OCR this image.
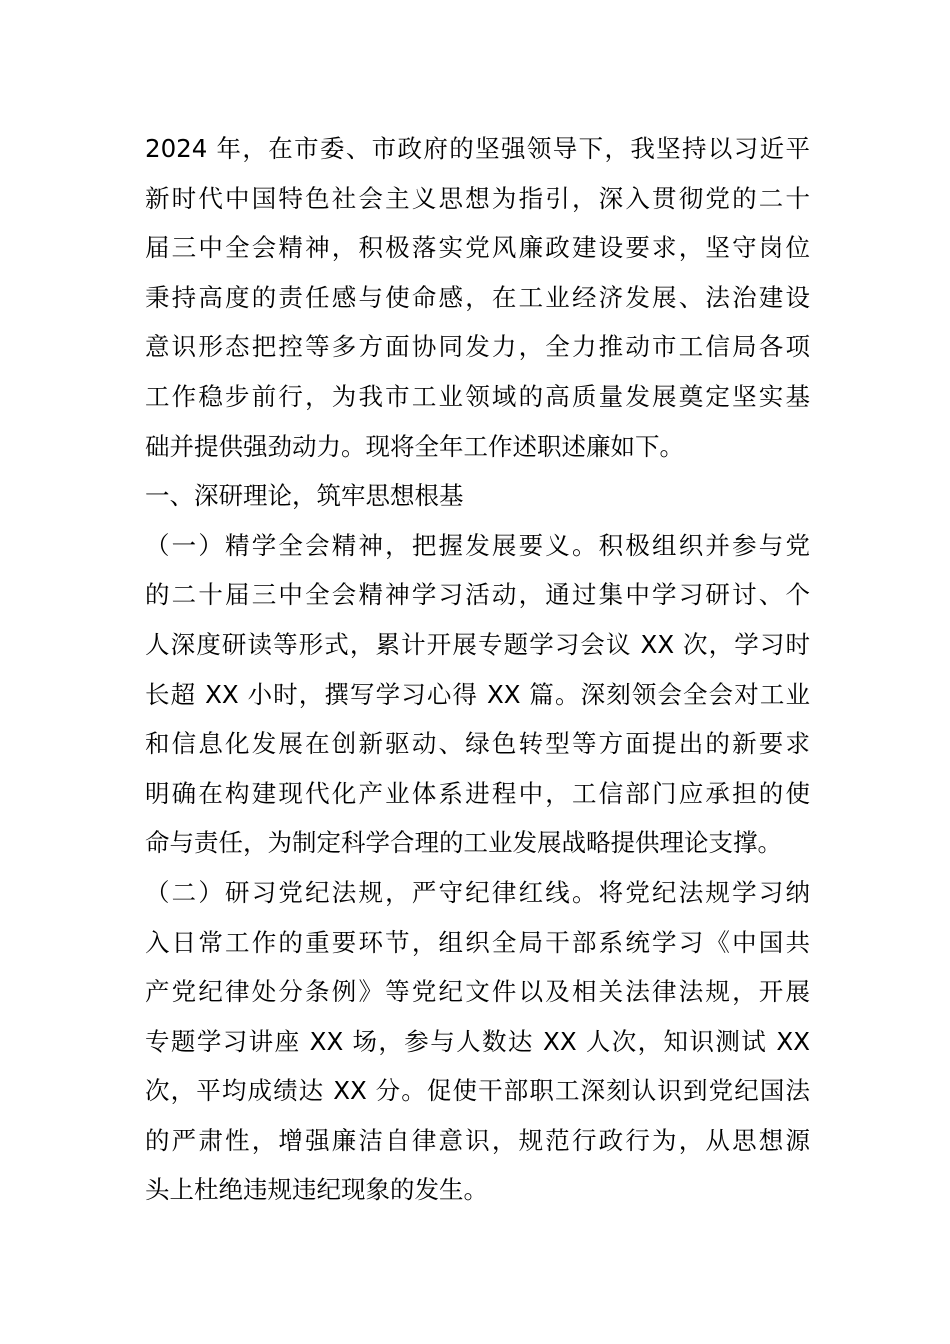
2024 年，在市委、市政府的坚强领导下，我坚持以习近平
新时代中国特色社会主义思想为指引，深入贯彻党的二十
届三中全会精神，积极落实党风廉政建设要求，坚守岗位
秉持高度的责任感与使命感，在工业经济发展、法治建设
意识形态把控等多方面协同发力，全力推动市工信局各项
工作稳步前行，为我市工业领域的高质量发展奠定坚实基
础并提供强劲动力。现将全年工作述职述廉如下。
一、深研理论，筑牢思想根基
（一）精学全会精神，把握发展要义。积极组织并参与党
的二十届三中全会精神学习活动，通过集中学习研讨、个
人深度研读等形式，累计开展专题学习会议 XX 次，学习时
长超 XX 小时，撰写学习心得 XX 篇。深刻领会全会对工业
和信息化发展在创新驱动、绿色转型等方面提出的新要求
明确在构建现代化产业体系进程中，工信部门应承担的使
命与责任，为制定科学合理的工业发展战略提供理论支撑。
（二）研习党纪法规，严守纪律红线。将党纪法规学习纳
入日常工作的重要环节，组织全局干部系统学习《中国共
产党纪律处分条例》等党纪文件以及相关法律法规，开展
专题学习讲座 XX 场，参与人数达 XX 人次，知识测试 XX
次，平均成绩达 XX 分。促使干部职工深刻认识到党纪国法
的严肃性，增强廉洁自律意识，规范行政行为，从思想源
头上杜绝违规违纪现象的发生。
